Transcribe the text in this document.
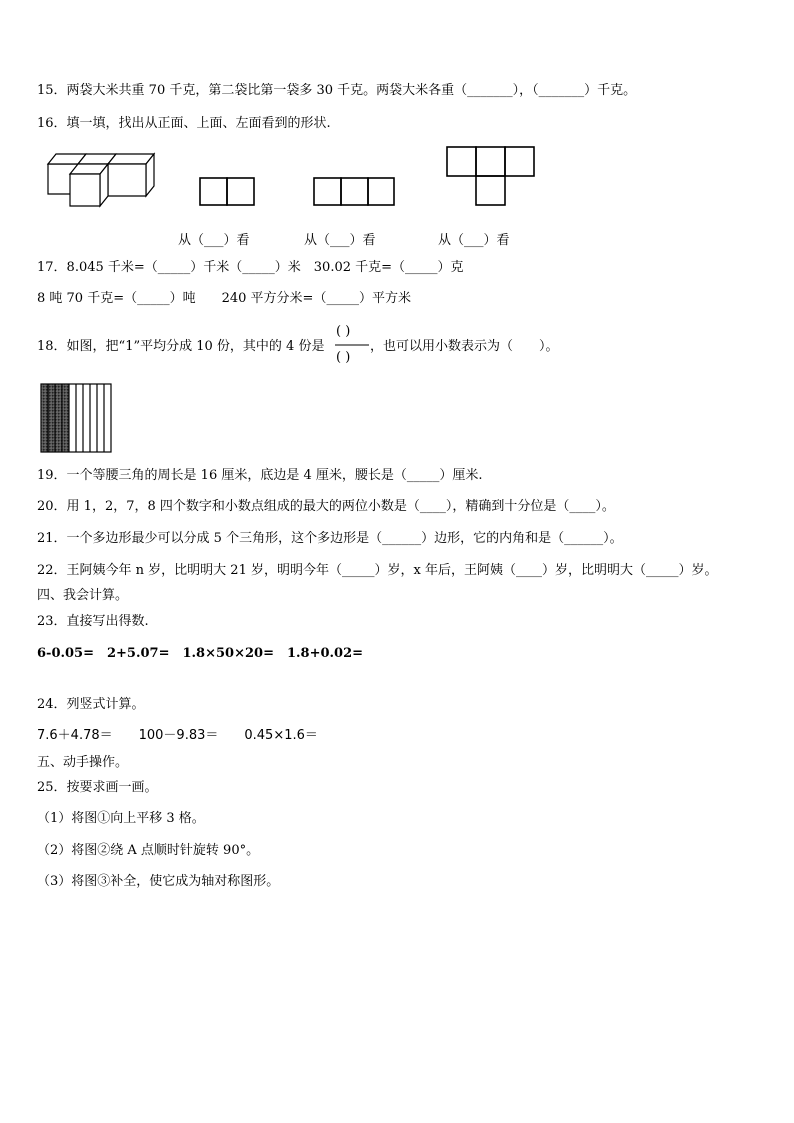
15．两袋大米共重 70 千克，第二袋比第一袋多 30 千克。两袋大米各重（_______），（_______）千克。
16．填一填，找出从正面、上面、左面看到的形状.
从（___）看	从（___）看	从（___）看
17．8.045 千米=（_____）千米（_____）米　30.02 千克=（_____）克
8 吨 70 千克=（_____）吨　　240 平方分米=（_____）平方米
18．如图，把“1”平均分成 10 份，其中的 4 份是
( )
( )
，也可以用小数表示为（　　）。
19．一个等腰三角的周长是 16 厘米，底边是 4 厘米，腰长是（_____）厘米.
20．用 1，2，7，8 四个数字和小数点组成的最大的两位小数是（____），精确到十分位是（____）。
21．一个多边形最少可以分成 5 个三角形，这个多边形是（______）边形，它的内角和是（______）。
22．王阿姨今年 n 岁，比明明大 21 岁，明明今年（_____）岁，x 年后，王阿姨（____）岁，比明明大（_____）岁。
四、我会计算。
23．直接写出得数.
6-0.05=　2+5.07=　1.8×50×20=　1.8+0.02=
24．列竖式计算。
7.6＋4.78＝　　100－9.83＝　　0.45×1.6＝
五、动手操作。
25．按要求画一画。
（1）将图①向上平移 3 格。
（2）将图②绕 A 点顺时针旋转 90°。
（3）将图③补全，使它成为轴对称图形。
